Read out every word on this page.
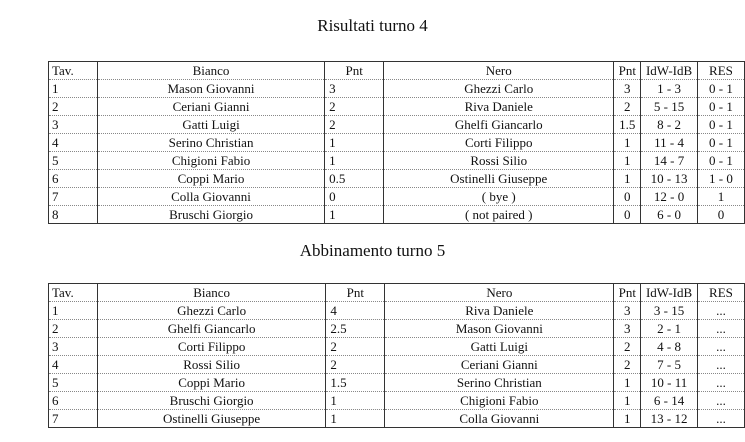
Risultati turno 4
Tav.	Bianco	Pnt	Nero	Pnt	IdW-IdB	RES
1	Mason Giovanni	3	Ghezzi Carlo	3	1 - 3	0 - 1
2	Ceriani Gianni	2	Riva Daniele	2	5 - 15	0 - 1
3	Gatti Luigi	2	Ghelfi Giancarlo	1.5	8 - 2	0 - 1
4	Serino Christian	1	Corti Filippo	1	11 - 4	0 - 1
5	Chigioni Fabio	1	Rossi Silio	1	14 - 7	0 - 1
6	Coppi Mario	0.5	Ostinelli Giuseppe	1	10 - 13	1 - 0
7	Colla Giovanni	0	( bye )	0	12 - 0	1
8	Bruschi Giorgio	1	( not paired )	0	6 - 0	0
Abbinamento turno 5
Tav.	Bianco	Pnt	Nero	Pnt	IdW-IdB	RES
1	Ghezzi Carlo	4	Riva Daniele	3	3 - 15	...
2	Ghelfi Giancarlo	2.5	Mason Giovanni	3	2 - 1	...
3	Corti Filippo	2	Gatti Luigi	2	4 - 8	...
4	Rossi Silio	2	Ceriani Gianni	2	7 - 5	...
5	Coppi Mario	1.5	Serino Christian	1	10 - 11	...
6	Bruschi Giorgio	1	Chigioni Fabio	1	6 - 14	...
7	Ostinelli Giuseppe	1	Colla Giovanni	1	13 - 12	...
